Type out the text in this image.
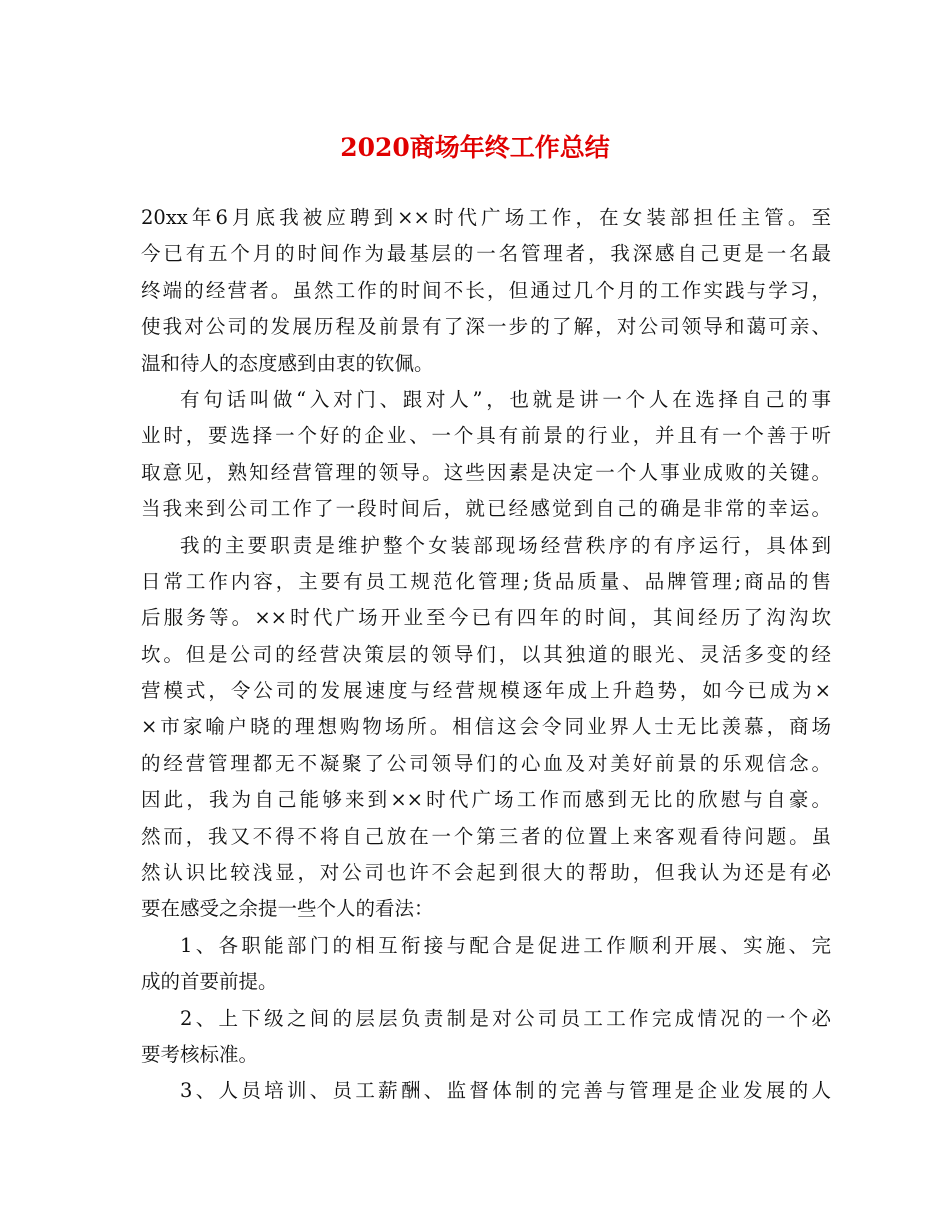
2020商场年终工作总结
20xx年6月底我被应聘到××时代广场工作，在女装部担任主管。至
今已有五个月的时间作为最基层的一名管理者，我深感自己更是一名最
终端的经营者。虽然工作的时间不长，但通过几个月的工作实践与学习，
使我对公司的发展历程及前景有了深一步的了解，对公司领导和蔼可亲、
温和待人的态度感到由衷的钦佩。
有句话叫做“入对门、跟对人”，也就是讲一个人在选择自己的事
业时，要选择一个好的企业、一个具有前景的行业，并且有一个善于听
取意见，熟知经营管理的领导。这些因素是决定一个人事业成败的关键。
当我来到公司工作了一段时间后，就已经感觉到自己的确是非常的幸运。
我的主要职责是维护整个女装部现场经营秩序的有序运行，具体到
日常工作内容，主要有员工规范化管理;货品质量、品牌管理;商品的售
后服务等。××时代广场开业至今已有四年的时间，其间经历了沟沟坎
坎。但是公司的经营决策层的领导们，以其独道的眼光、灵活多变的经
营模式，令公司的发展速度与经营规模逐年成上升趋势，如今已成为×
×市家喻户晓的理想购物场所。相信这会令同业界人士无比羡慕，商场
的经营管理都无不凝聚了公司领导们的心血及对美好前景的乐观信念。
因此，我为自己能够来到××时代广场工作而感到无比的欣慰与自豪。
然而，我又不得不将自己放在一个第三者的位置上来客观看待问题。虽
然认识比较浅显，对公司也许不会起到很大的帮助，但我认为还是有必
要在感受之余提一些个人的看法：
1、各职能部门的相互衔接与配合是促进工作顺利开展、实施、完
成的首要前提。
2、上下级之间的层层负责制是对公司员工工作完成情况的一个必
要考核标准。
3、人员培训、员工薪酬、监督体制的完善与管理是企业发展的人
